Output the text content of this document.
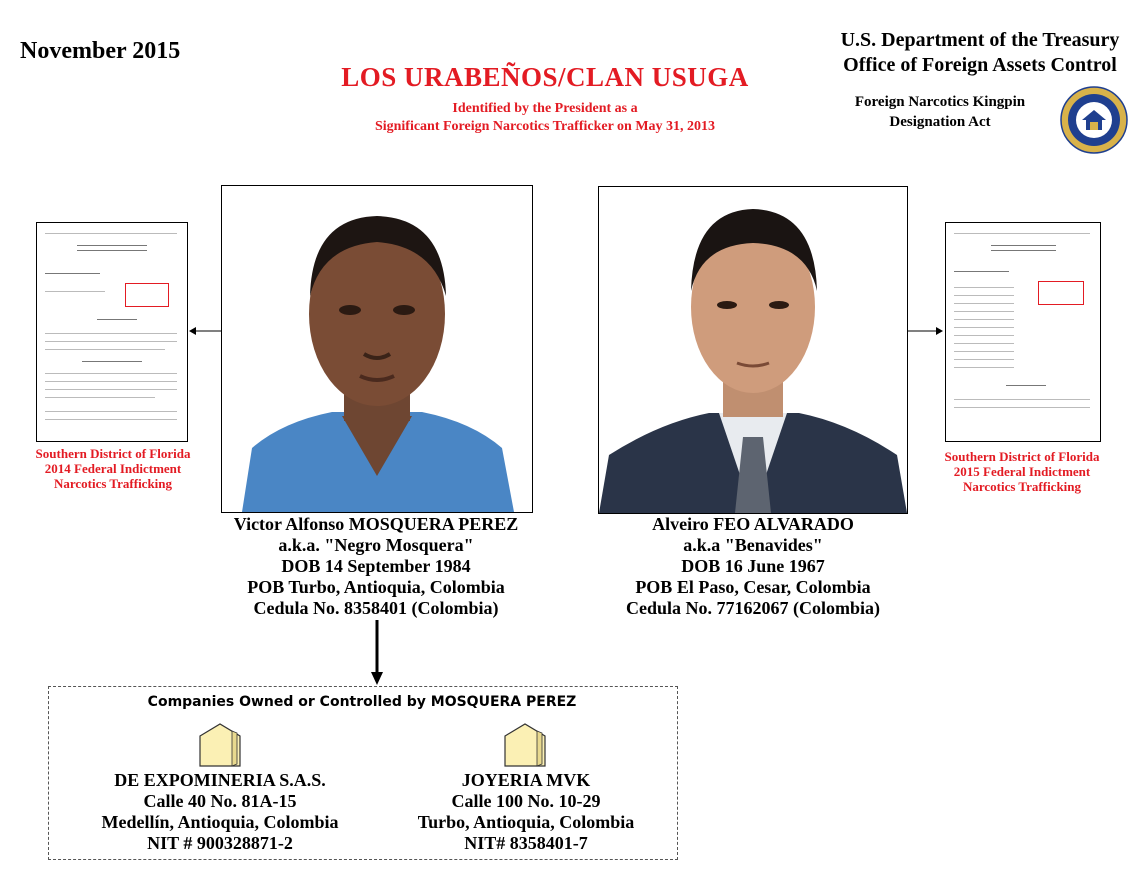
November 2015	U.S. Department of the Treasury
Office of Foreign Assets Control
Foreign Narcotics Kingpin
Designation Act
LOS URABEÑOS/CLAN USUGA
Identified by the President as a
Significant Foreign Narcotics Trafficker on May 31, 2013
Southern District of Florida
2014 Federal Indictment
Narcotics Trafficking
Southern District of Florida
2015 Federal Indictment
Narcotics Trafficking
Victor Alfonso MOSQUERA PEREZ
a.k.a. "Negro Mosquera"
DOB 14 September 1984
POB Turbo, Antioquia, Colombia
Cedula No. 8358401 (Colombia)
Alveiro FEO ALVARADO
a.k.a "Benavides"
DOB 16 June 1967
POB El Paso, Cesar, Colombia
Cedula No. 77162067 (Colombia)
Companies Owned or Controlled by MOSQUERA PEREZ
DE EXPOMINERIA S.A.S.
Calle 40 No. 81A-15
Medellín, Antioquia, Colombia
NIT # 900328871-2
JOYERIA MVK
Calle 100 No. 10-29
Turbo, Antioquia, Colombia
NIT# 8358401-7
